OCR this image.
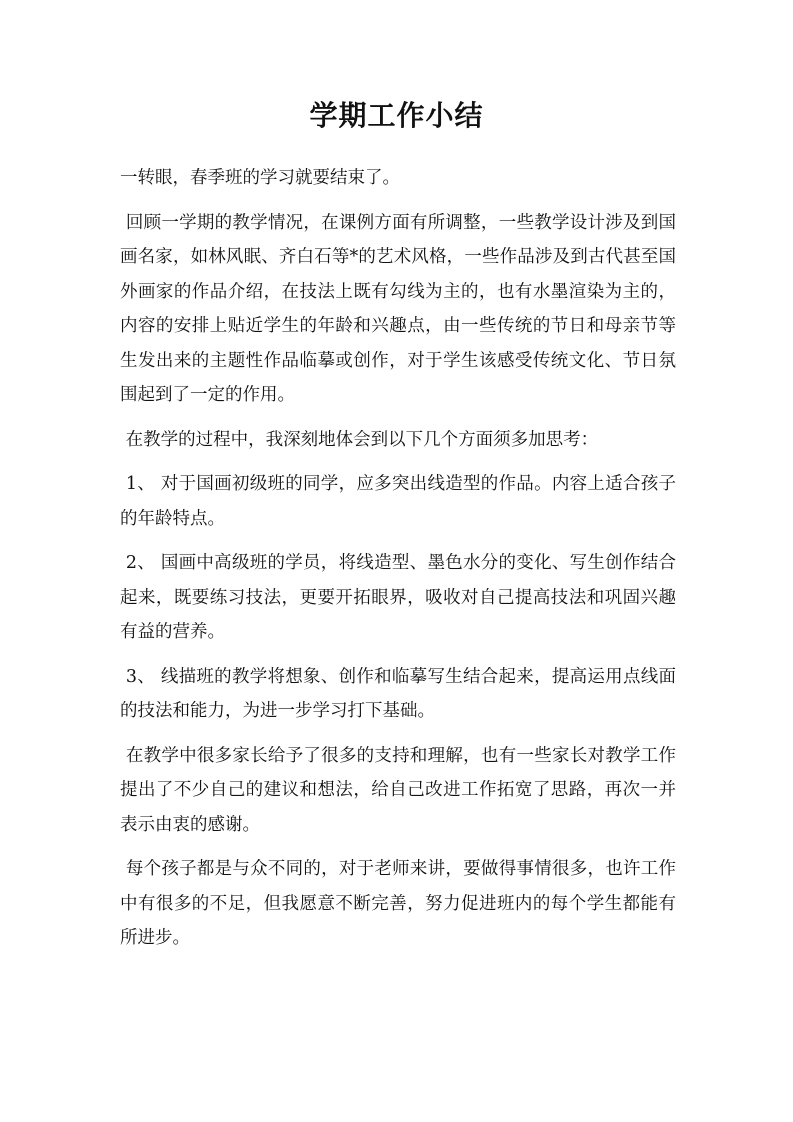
学期工作小结

一转眼，春季班的学习就要结束了。

回顾一学期的教学情况，在课例方面有所调整，一些教学设计涉及到国画名家，如林风眠、齐白石等*的艺术风格，一些作品涉及到古代甚至国外画家的作品介绍，在技法上既有勾线为主的，也有水墨渲染为主的，内容的安排上贴近学生的年龄和兴趣点，由一些传统的节日和母亲节等生发出来的主题性作品临摹或创作，对于学生该感受传统文化、节日氛围起到了一定的作用。

在教学的过程中，我深刻地体会到以下几个方面须多加思考：

1、 对于国画初级班的同学，应多突出线造型的作品。内容上适合孩子的年龄特点。

2、 国画中高级班的学员，将线造型、墨色水分的变化、写生创作结合起来，既要练习技法，更要开拓眼界，吸收对自己提高技法和巩固兴趣有益的营养。

3、 线描班的教学将想象、创作和临摹写生结合起来，提高运用点线面的技法和能力，为进一步学习打下基础。

在教学中很多家长给予了很多的支持和理解，也有一些家长对教学工作提出了不少自己的建议和想法，给自己改进工作拓宽了思路，再次一并表示由衷的感谢。

每个孩子都是与众不同的，对于老师来讲，要做得事情很多，也许工作中有很多的不足，但我愿意不断完善，努力促进班内的每个学生都能有所进步。
